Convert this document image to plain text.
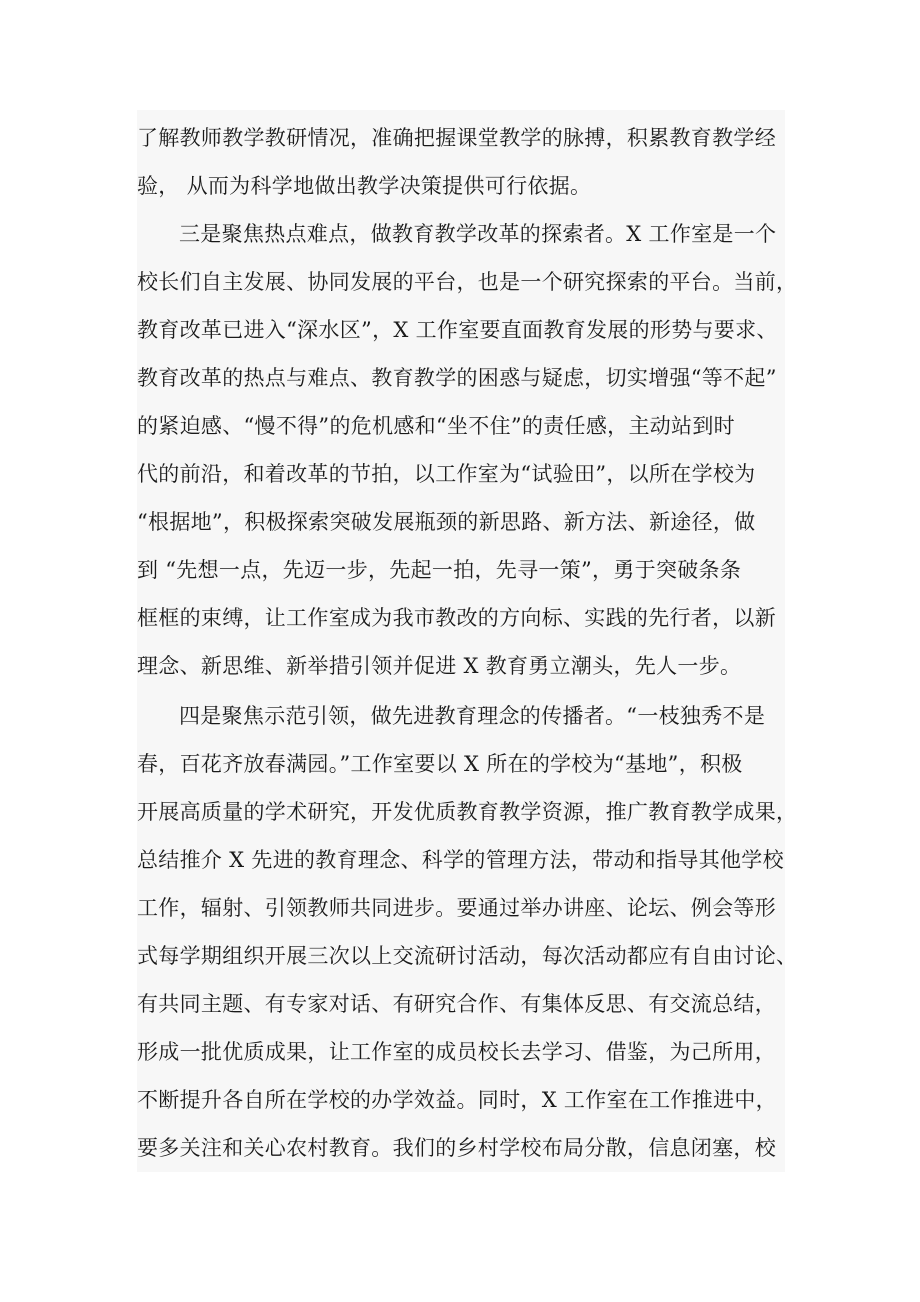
了解教师教学教研情况，准确把握课堂教学的脉搏，积累教育教学经
验， 从而为科学地做出教学决策提供可行依据。
三是聚焦热点难点，做教育教学改革的探索者。X 工作室是一个
校长们自主发展、协同发展的平台，也是一个研究探索的平台。当前，
教育改革已进入“深水区”，X 工作室要直面教育发展的形势与要求、
教育改革的热点与难点、教育教学的困惑与疑虑，切实增强“等不起”
的紧迫感、“慢不得”的危机感和“坐不住”的责任感，主动站到时
代的前沿，和着改革的节拍，以工作室为“试验田”，以所在学校为
“根据地”，积极探索突破发展瓶颈的新思路、新方法、新途径，做
到 “先想一点，先迈一步，先起一拍，先寻一策”，勇于突破条条
框框的束缚，让工作室成为我市教改的方向标、实践的先行者，以新
理念、新思维、新举措引领并促进 X 教育勇立潮头，先人一步。
四是聚焦示范引领，做先进教育理念的传播者。“一枝独秀不是
春，百花齐放春满园。”工作室要以 X 所在的学校为“基地”，积极
开展高质量的学术研究，开发优质教育教学资源，推广教育教学成果，
总结推介 X 先进的教育理念、科学的管理方法，带动和指导其他学校
工作，辐射、引领教师共同进步。要通过举办讲座、论坛、例会等形
式每学期组织开展三次以上交流研讨活动，每次活动都应有自由讨论、
有共同主题、有专家对话、有研究合作、有集体反思、有交流总结，
形成一批优质成果，让工作室的成员校长去学习、借鉴，为己所用，
不断提升各自所在学校的办学效益。同时，X 工作室在工作推进中，
要多关注和关心农村教育。我们的乡村学校布局分散，信息闭塞，校
